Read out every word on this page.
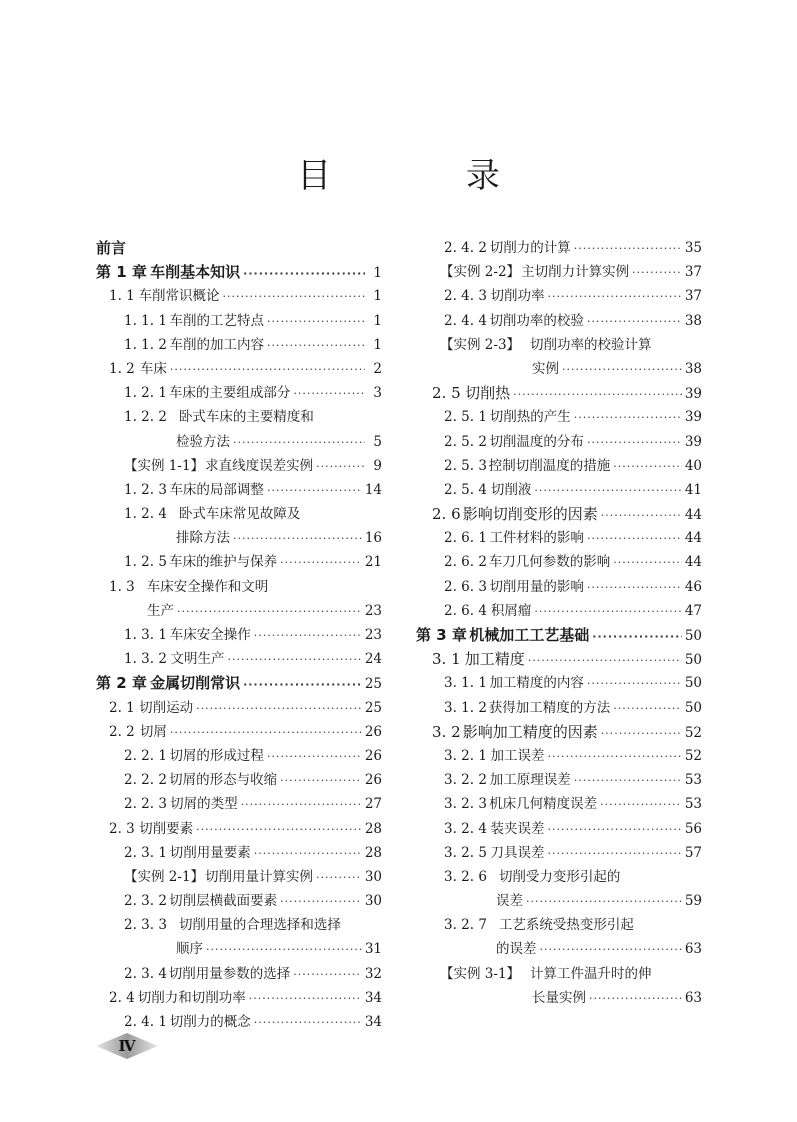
目 录
前言
第 1 章 车削基本知识 ·····	1
1. 1 车削常识概论 ·····	1
1. 1. 1 车削的工艺特点 ·····	1
1. 1. 2 车削的加工内容 ·····	1
1. 2 车床 ·····	2
1. 2. 1 车床的主要组成部分 ·····	3
1. 2. 2 卧式车床的主要精度和
检验方法 ·····	5
【实例 1-1】 求直线度误差实例 ·····	9
1. 2. 3 车床的局部调整 ·····	14
1. 2. 4 卧式车床常见故障及
排除方法 ·····	16
1. 2. 5 车床的维护与保养 ·····	21
1. 3 车床安全操作和文明
生产 ·····	23
1. 3. 1 车床安全操作 ·····	23
1. 3. 2 文明生产 ·····	24
第 2 章 金属切削常识 ·····	25
2. 1 切削运动 ·····	25
2. 2 切屑 ·····	26
2. 2. 1 切屑的形成过程 ·····	26
2. 2. 2 切屑的形态与收缩 ·····	26
2. 2. 3 切屑的类型 ·····	27
2. 3 切削要素 ·····	28
2. 3. 1 切削用量要素 ·····	28
【实例 2-1】 切削用量计算实例 ·····	30
2. 3. 2 切削层横截面要素 ·····	30
2. 3. 3 切削用量的合理选择和选择
顺序 ·····	31
2. 3. 4 切削用量参数的选择 ·····	32
2. 4 切削力和切削功率 ·····	34
2. 4. 1 切削力的概念 ·····	34
2. 4. 2 切削力的计算 ·····	35
【实例 2-2】 主切削力计算实例 ·····	37
2. 4. 3 切削功率 ·····	37
2. 4. 4 切削功率的校验 ·····	38
【实例 2-3】 切削功率的校验计算
实例 ·····	38
2. 5 切削热 ·····	39
2. 5. 1 切削热的产生 ·····	39
2. 5. 2 切削温度的分布 ·····	39
2. 5. 3 控制切削温度的措施 ·····	40
2. 5. 4 切削液 ·····	41
2. 6 影响切削变形的因素 ·····	44
2. 6. 1 工件材料的影响 ·····	44
2. 6. 2 车刀几何参数的影响 ·····	44
2. 6. 3 切削用量的影响 ·····	46
2. 6. 4 积屑瘤 ·····	47
第 3 章 机械加工工艺基础 ·····	50
3. 1 加工精度 ·····	50
3. 1. 1 加工精度的内容 ·····	50
3. 1. 2 获得加工精度的方法 ·····	50
3. 2 影响加工精度的因素 ·····	52
3. 2. 1 加工误差 ·····	52
3. 2. 2 加工原理误差 ·····	53
3. 2. 3 机床几何精度误差 ·····	53
3. 2. 4 装夹误差 ·····	56
3. 2. 5 刀具误差 ·····	57
3. 2. 6 切削受力变形引起的
误差 ·····	59
3. 2. 7 工艺系统受热变形引起
的误差 ·····	63
【实例 3-1】 计算工件温升时的伸
长量实例 ·····	63
Ⅳ
